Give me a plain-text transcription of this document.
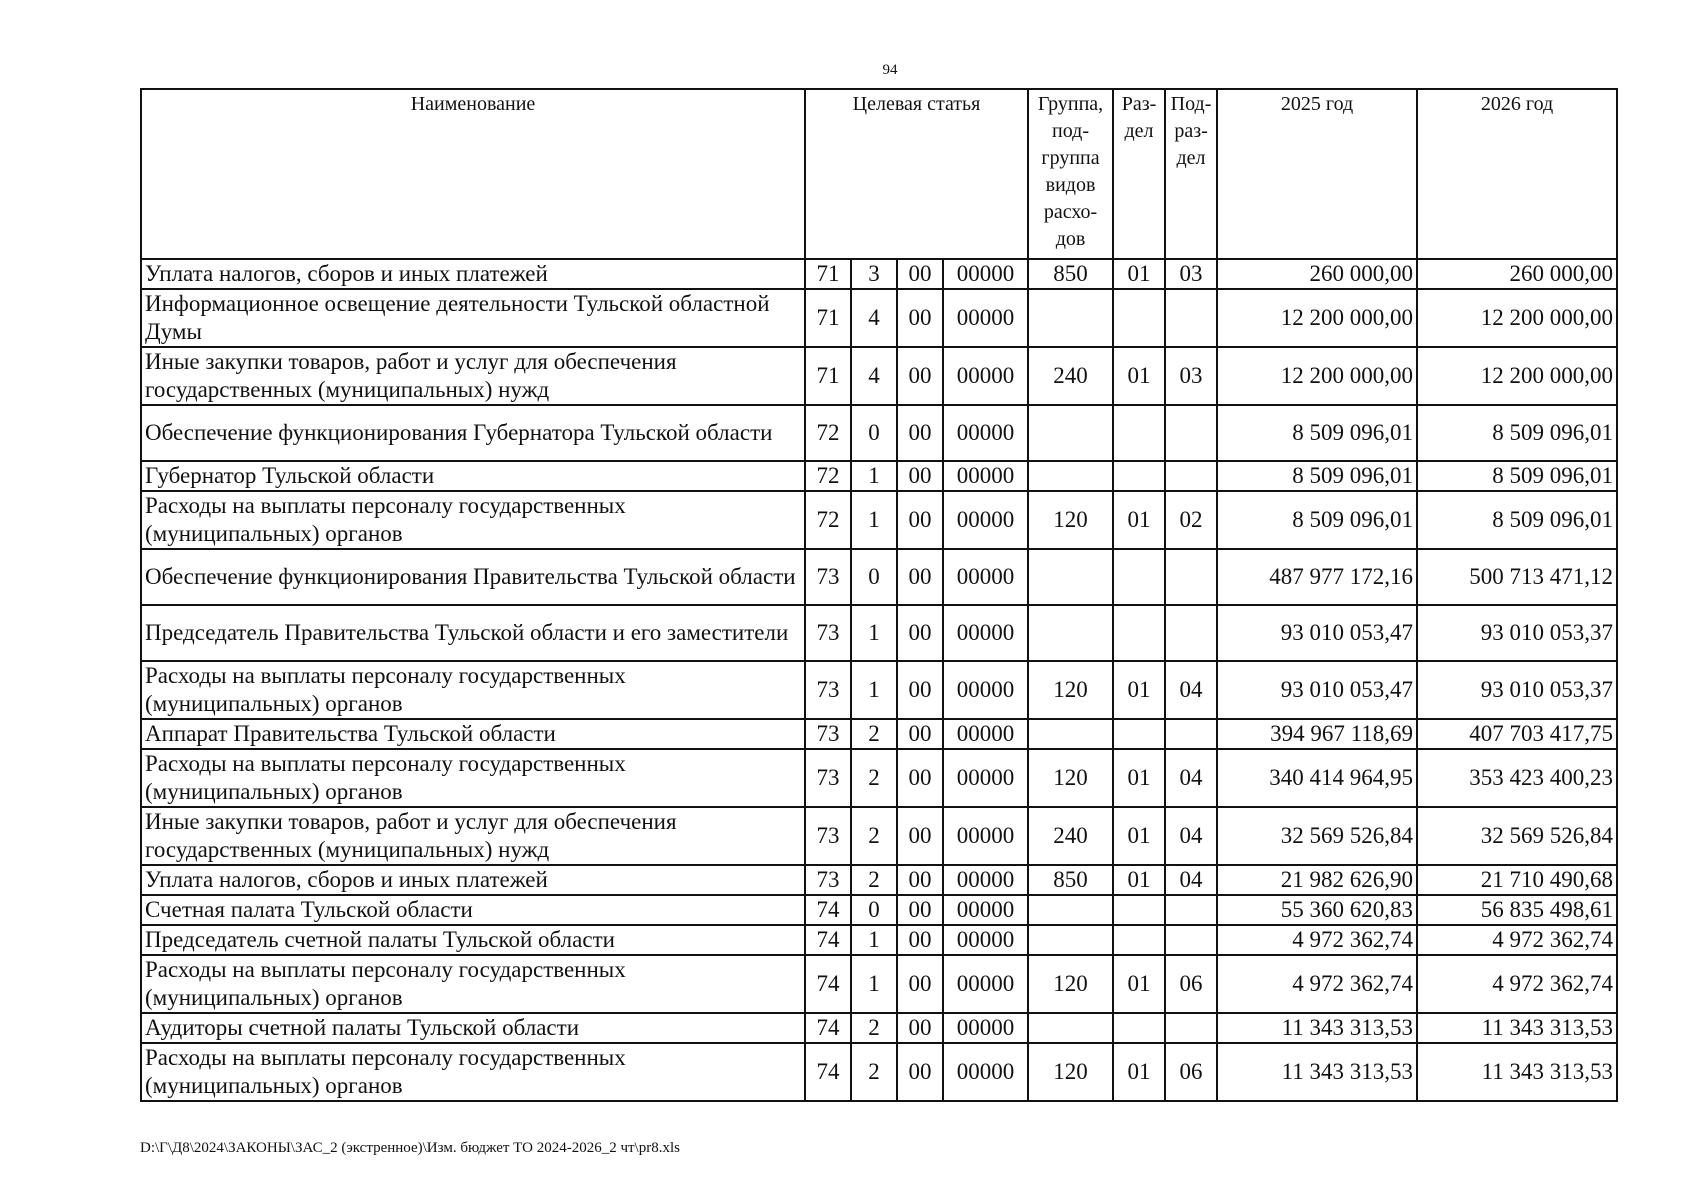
94
Наименование	Целевая статья				Группа, под-группа видов расхо-дов	Раз-дел	Под-раз-дел	2025 год	2026 год
Уплата налогов, сборов и иных платежей	71	3	00	00000	850	01	03	260 000,00	260 000,00
Информационное освещение деятельности Тульской областной Думы	71	4	00	00000				12 200 000,00	12 200 000,00
Иные закупки товаров, работ и услуг для обеспечения государственных (муниципальных) нужд	71	4	00	00000	240	01	03	12 200 000,00	12 200 000,00
Обеспечение функционирования Губернатора Тульской области	72	0	00	00000				8 509 096,01	8 509 096,01
Губернатор Тульской области	72	1	00	00000				8 509 096,01	8 509 096,01
Расходы на выплаты персоналу государственных (муниципальных) органов	72	1	00	00000	120	01	02	8 509 096,01	8 509 096,01
Обеспечение функционирования Правительства Тульской области	73	0	00	00000				487 977 172,16	500 713 471,12
Председатель Правительства Тульской области и его заместители	73	1	00	00000				93 010 053,47	93 010 053,37
Расходы на выплаты персоналу государственных (муниципальных) органов	73	1	00	00000	120	01	04	93 010 053,47	93 010 053,37
Аппарат Правительства Тульской области	73	2	00	00000				394 967 118,69	407 703 417,75
Расходы на выплаты персоналу государственных (муниципальных) органов	73	2	00	00000	120	01	04	340 414 964,95	353 423 400,23
Иные закупки товаров, работ и услуг для обеспечения государственных (муниципальных) нужд	73	2	00	00000	240	01	04	32 569 526,84	32 569 526,84
Уплата налогов, сборов и иных платежей	73	2	00	00000	850	01	04	21 982 626,90	21 710 490,68
Счетная палата Тульской области	74	0	00	00000				55 360 620,83	56 835 498,61
Председатель счетной палаты Тульской области	74	1	00	00000				4 972 362,74	4 972 362,74
Расходы на выплаты персоналу государственных (муниципальных) органов	74	1	00	00000	120	01	06	4 972 362,74	4 972 362,74
Аудиторы счетной палаты Тульской области	74	2	00	00000				11 343 313,53	11 343 313,53
Расходы на выплаты персоналу государственных (муниципальных) органов	74	2	00	00000	120	01	06	11 343 313,53	11 343 313,53
D:\Г\Д8\2024\ЗАКОНЫ\ЗАС_2 (экстренное)\Изм. бюджет ТО 2024-2026_2 чт\pr8.xls
